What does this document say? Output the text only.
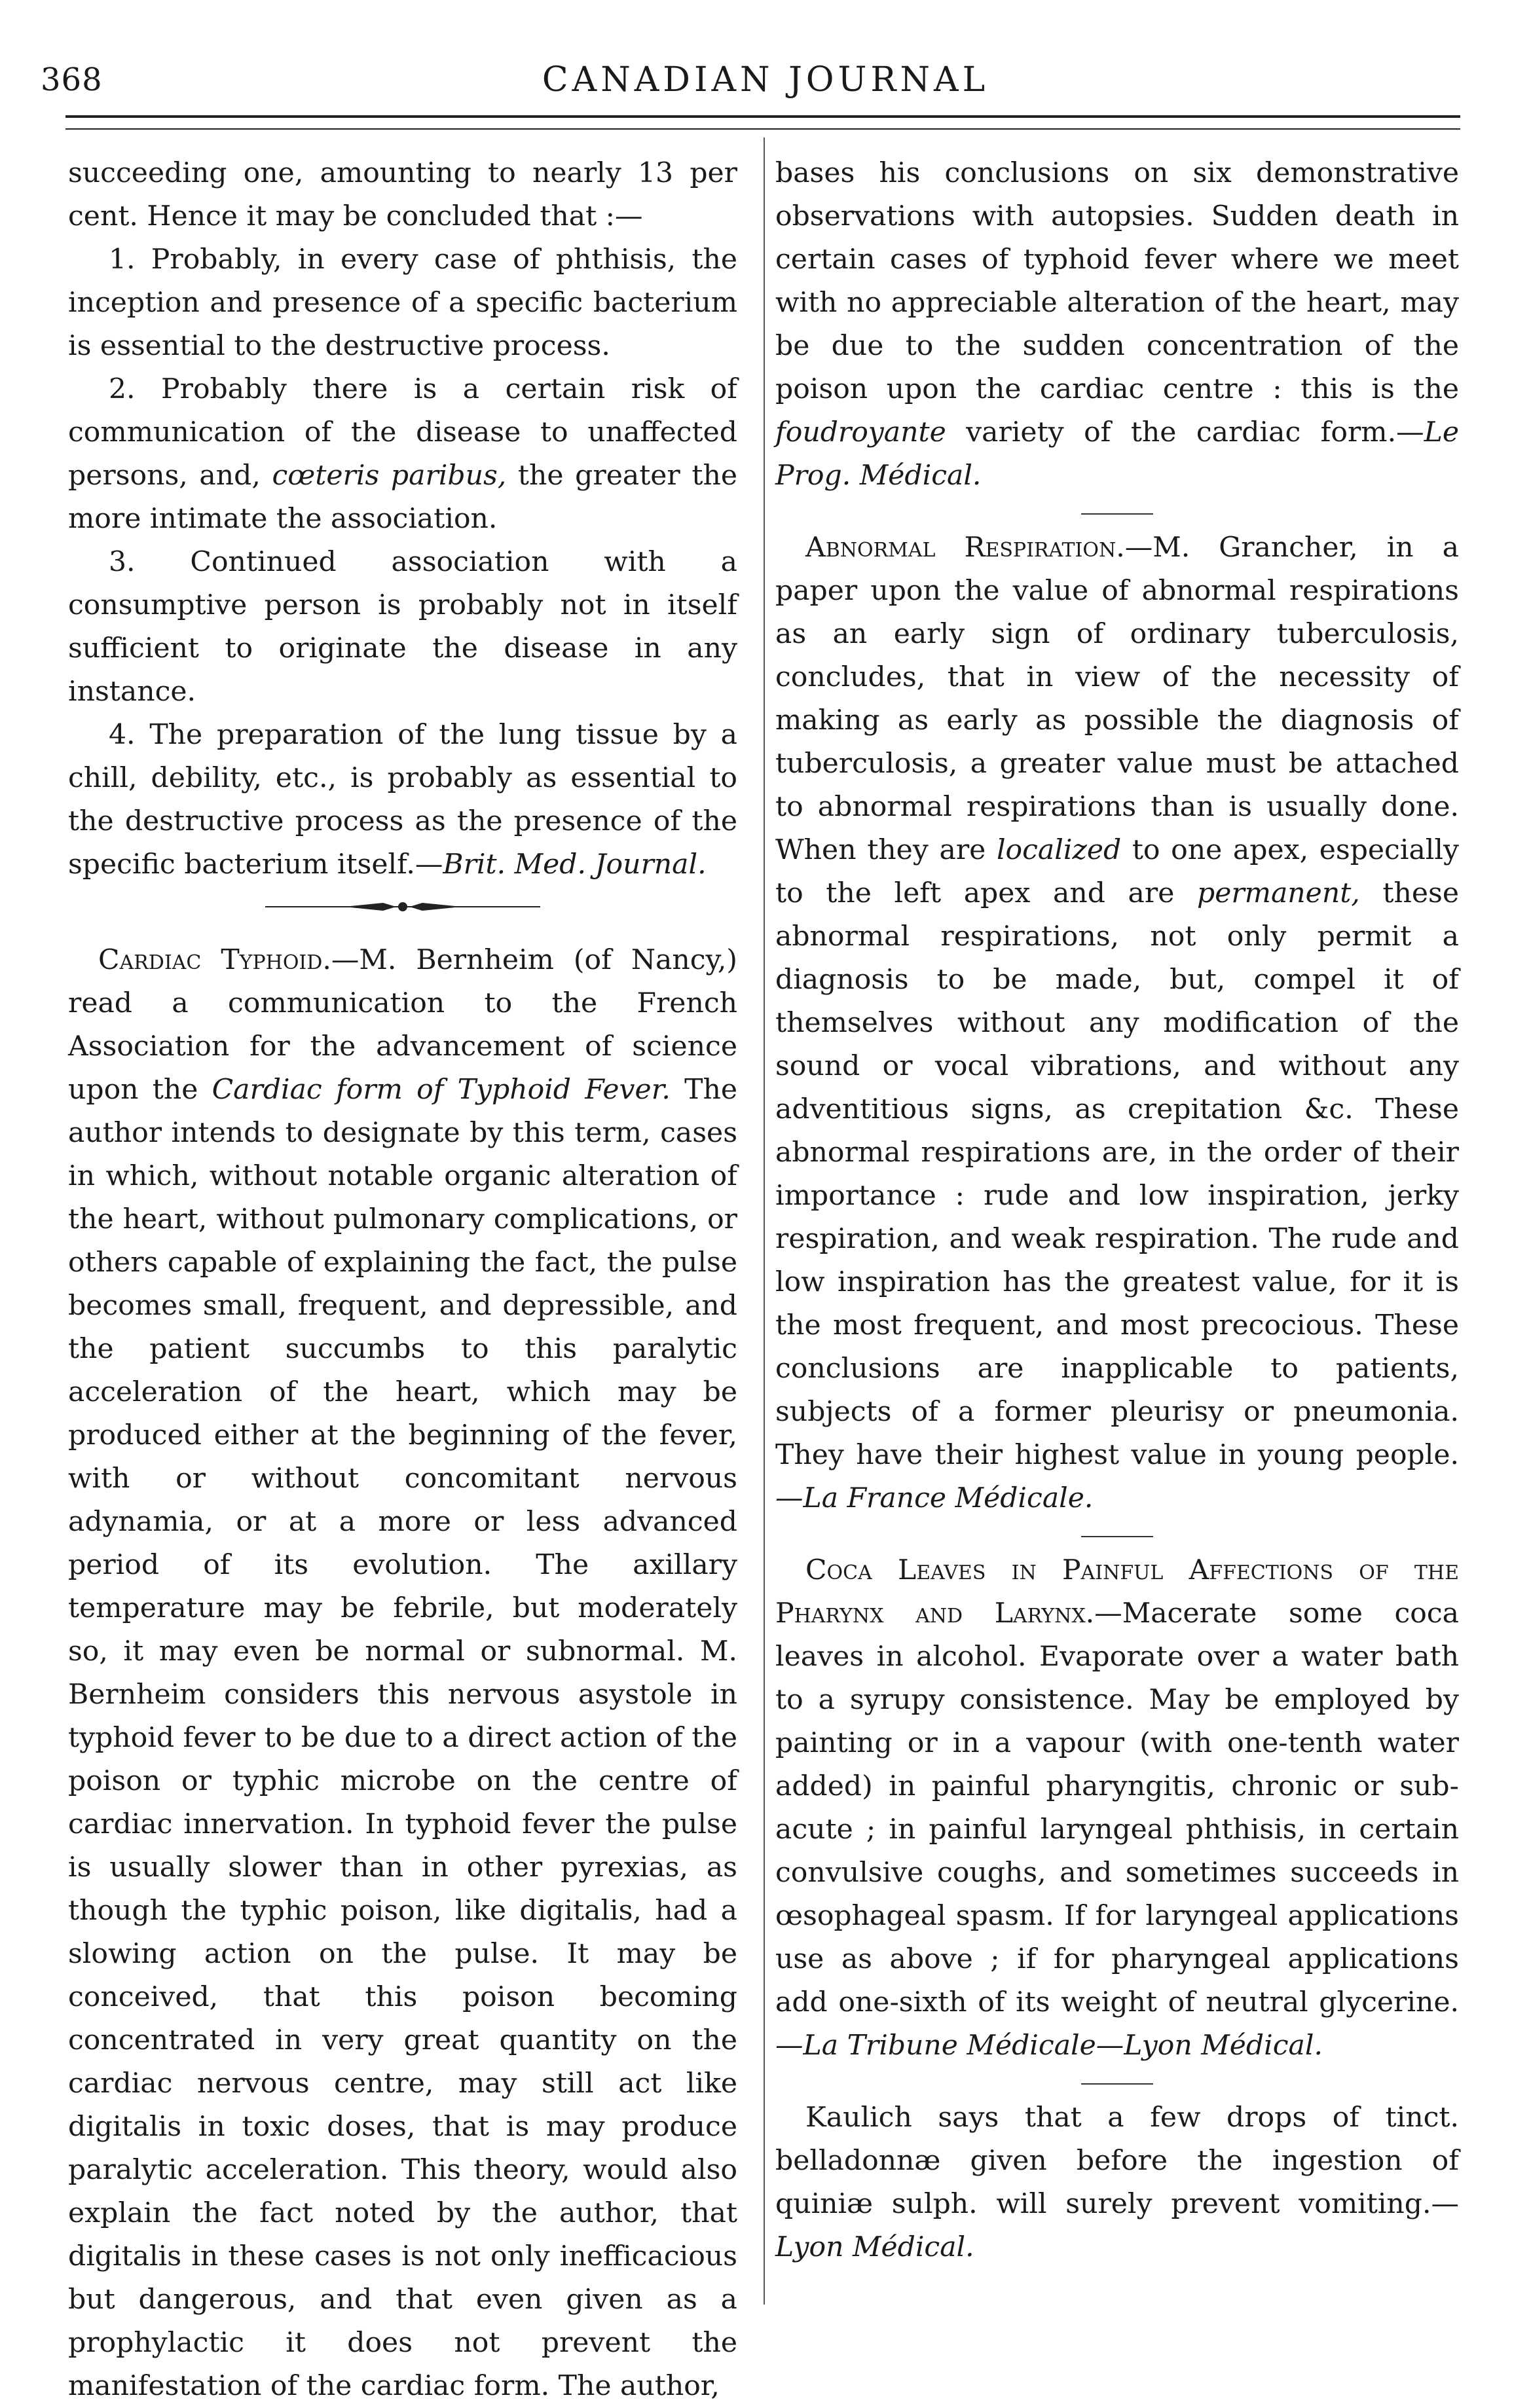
368	CANADIAN JOURNAL

succeeding one, amounting to nearly 13 per cent. Hence it may be concluded that :—

1. Probably, in every case of phthisis, the inception and presence of a specific bacterium is essential to the destructive process.

2. Probably there is a certain risk of communication of the disease to unaffected persons, and, cœteris paribus, the greater the more intimate the association.

3. Continued association with a consumptive person is probably not in itself sufficient to originate the disease in any instance.

4. The preparation of the lung tissue by a chill, debility, etc., is probably as essential to the destructive process as the presence of the specific bacterium itself.—Brit. Med. Journal.

Cardiac Typhoid.—M. Bernheim (of Nancy,) read a communication to the French Association for the advancement of science upon the Cardiac form of Typhoid Fever. The author intends to designate by this term, cases in which, without notable organic alteration of the heart, without pulmonary complications, or others capable of explaining the fact, the pulse becomes small, frequent, and depressible, and the patient succumbs to this paralytic acceleration of the heart, which may be produced either at the beginning of the fever, with or without concomitant nervous adynamia, or at a more or less advanced period of its evolution. The axillary temperature may be febrile, but moderately so, it may even be normal or subnormal. M. Bernheim considers this nervous asystole in typhoid fever to be due to a direct action of the poison or typhic microbe on the centre of cardiac innervation. In typhoid fever the pulse is usually slower than in other pyrexias, as though the typhic poison, like digitalis, had a slowing action on the pulse. It may be conceived, that this poison becoming concentrated in very great quantity on the cardiac nervous centre, may still act like digitalis in toxic doses, that is may produce paralytic acceleration. This theory, would also explain the fact noted by the author, that digitalis in these cases is not only inefficacious but dangerous, and that even given as a prophylactic it does not prevent the manifestation of the cardiac form. The author,

bases his conclusions on six demonstrative observations with autopsies. Sudden death in certain cases of typhoid fever where we meet with no appreciable alteration of the heart, may be due to the sudden concentration of the poison upon the cardiac centre : this is the foudroyante variety of the cardiac form.—Le Prog. Médical.

Abnormal Respiration.—M. Grancher, in a paper upon the value of abnormal respirations as an early sign of ordinary tuberculosis, concludes, that in view of the necessity of making as early as possible the diagnosis of tuberculosis, a greater value must be attached to abnormal respirations than is usually done. When they are localized to one apex, especially to the left apex and are permanent, these abnormal respirations, not only permit a diagnosis to be made, but, compel it of themselves without any modification of the sound or vocal vibrations, and without any adventitious signs, as crepitation &c. These abnormal respirations are, in the order of their importance : rude and low inspiration, jerky respiration, and weak respiration. The rude and low inspiration has the greatest value, for it is the most frequent, and most precocious. These conclusions are inapplicable to patients, subjects of a former pleurisy or pneumonia. They have their highest value in young people. —La France Médicale.

Coca Leaves in Painful Affections of the Pharynx and Larynx.—Macerate some coca leaves in alcohol. Evaporate over a water bath to a syrupy consistence. May be employed by painting or in a vapour (with one-tenth water added) in painful pharyngitis, chronic or sub-acute ; in painful laryngeal phthisis, in certain convulsive coughs, and sometimes succeeds in œsophageal spasm. If for laryngeal applications use as above ; if for pharyngeal applications add one-sixth of its weight of neutral glycerine.—La Tribune Médicale—Lyon Médical.

Kaulich says that a few drops of tinct. belladonnæ given before the ingestion of quiniæ sulph. will surely prevent vomiting.—Lyon Médical.
